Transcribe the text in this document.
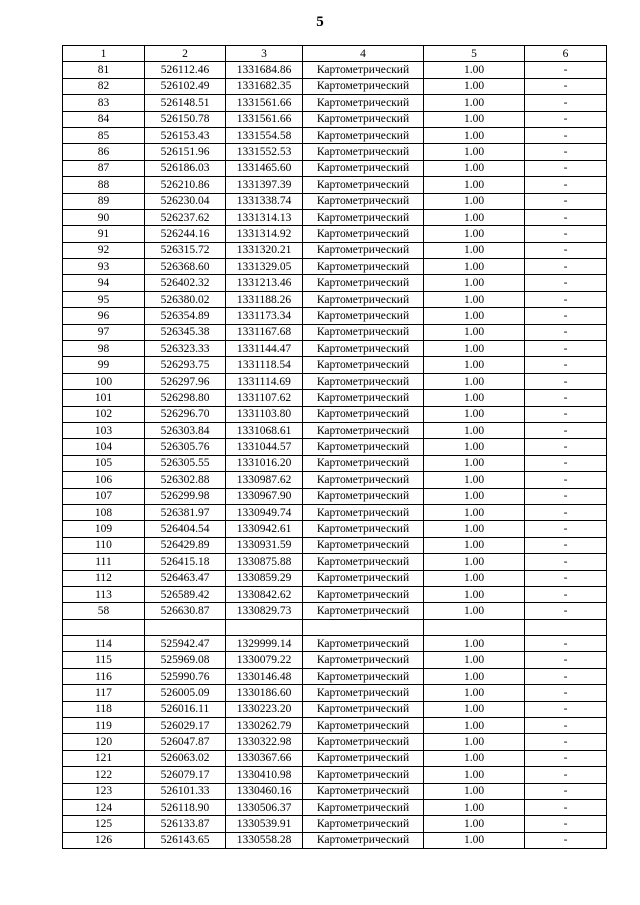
5
1	2	3	4	5	6
81	526112.46	1331684.86	Картометрический	1.00	-
82	526102.49	1331682.35	Картометрический	1.00	-
83	526148.51	1331561.66	Картометрический	1.00	-
84	526150.78	1331561.66	Картометрический	1.00	-
85	526153.43	1331554.58	Картометрический	1.00	-
86	526151.96	1331552.53	Картометрический	1.00	-
87	526186.03	1331465.60	Картометрический	1.00	-
88	526210.86	1331397.39	Картометрический	1.00	-
89	526230.04	1331338.74	Картометрический	1.00	-
90	526237.62	1331314.13	Картометрический	1.00	-
91	526244.16	1331314.92	Картометрический	1.00	-
92	526315.72	1331320.21	Картометрический	1.00	-
93	526368.60	1331329.05	Картометрический	1.00	-
94	526402.32	1331213.46	Картометрический	1.00	-
95	526380.02	1331188.26	Картометрический	1.00	-
96	526354.89	1331173.34	Картометрический	1.00	-
97	526345.38	1331167.68	Картометрический	1.00	-
98	526323.33	1331144.47	Картометрический	1.00	-
99	526293.75	1331118.54	Картометрический	1.00	-
100	526297.96	1331114.69	Картометрический	1.00	-
101	526298.80	1331107.62	Картометрический	1.00	-
102	526296.70	1331103.80	Картометрический	1.00	-
103	526303.84	1331068.61	Картометрический	1.00	-
104	526305.76	1331044.57	Картометрический	1.00	-
105	526305.55	1331016.20	Картометрический	1.00	-
106	526302.88	1330987.62	Картометрический	1.00	-
107	526299.98	1330967.90	Картометрический	1.00	-
108	526381.97	1330949.74	Картометрический	1.00	-
109	526404.54	1330942.61	Картометрический	1.00	-
110	526429.89	1330931.59	Картометрический	1.00	-
111	526415.18	1330875.88	Картометрический	1.00	-
112	526463.47	1330859.29	Картометрический	1.00	-
113	526589.42	1330842.62	Картометрический	1.00	-
58	526630.87	1330829.73	Картометрический	1.00	-

114	525942.47	1329999.14	Картометрический	1.00	-
115	525969.08	1330079.22	Картометрический	1.00	-
116	525990.76	1330146.48	Картометрический	1.00	-
117	526005.09	1330186.60	Картометрический	1.00	-
118	526016.11	1330223.20	Картометрический	1.00	-
119	526029.17	1330262.79	Картометрический	1.00	-
120	526047.87	1330322.98	Картометрический	1.00	-
121	526063.02	1330367.66	Картометрический	1.00	-
122	526079.17	1330410.98	Картометрический	1.00	-
123	526101.33	1330460.16	Картометрический	1.00	-
124	526118.90	1330506.37	Картометрический	1.00	-
125	526133.87	1330539.91	Картометрический	1.00	-
126	526143.65	1330558.28	Картометрический	1.00	-
